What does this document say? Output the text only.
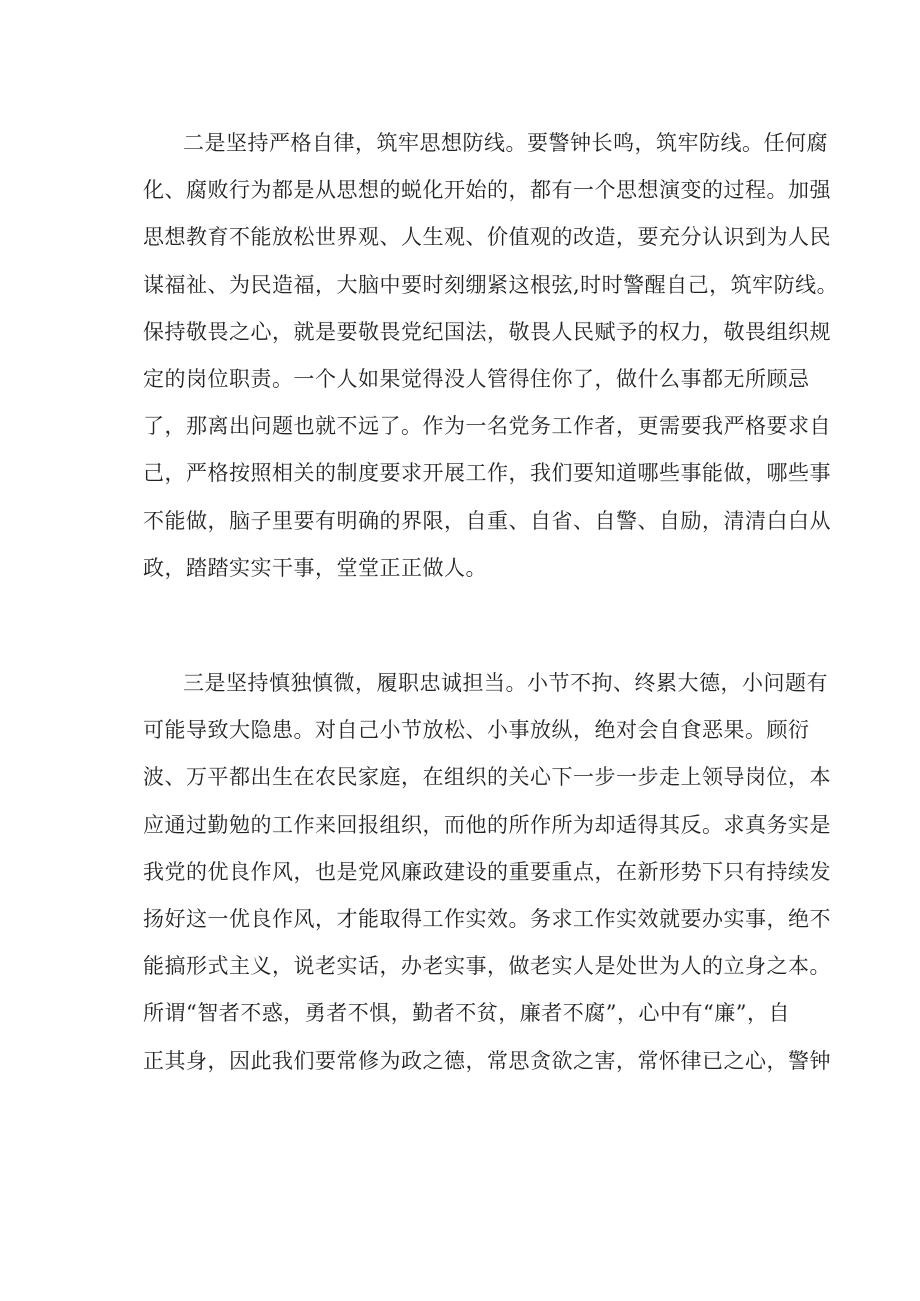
二是坚持严格自律，筑牢思想防线。要警钟长鸣，筑牢防线。任何腐
化、腐败行为都是从思想的蜕化开始的，都有一个思想演变的过程。加强
思想教育不能放松世界观、人生观、价值观的改造，要充分认识到为人民
谋福祉、为民造福，大脑中要时刻绷紧这根弦,时时警醒自己，筑牢防线。
保持敬畏之心，就是要敬畏党纪国法，敬畏人民赋予的权力，敬畏组织规
定的岗位职责。一个人如果觉得没人管得住你了，做什么事都无所顾忌
了，那离出问题也就不远了。作为一名党务工作者，更需要我严格要求自
己，严格按照相关的制度要求开展工作，我们要知道哪些事能做，哪些事
不能做，脑子里要有明确的界限，自重、自省、自警、自励，清清白白从
政，踏踏实实干事，堂堂正正做人。
三是坚持慎独慎微，履职忠诚担当。小节不拘、终累大德，小问题有
可能导致大隐患。对自己小节放松、小事放纵，绝对会自食恶果。顾衍
波、万平都出生在农民家庭，在组织的关心下一步一步走上领导岗位，本
应通过勤勉的工作来回报组织，而他的所作所为却适得其反。求真务实是
我党的优良作风，也是党风廉政建设的重要重点，在新形势下只有持续发
扬好这一优良作风，才能取得工作实效。务求工作实效就要办实事，绝不
能搞形式主义，说老实话，办老实事，做老实人是处世为人的立身之本。
所谓“智者不惑，勇者不惧，勤者不贫，廉者不腐”，心中有“廉”，自
正其身，因此我们要常修为政之德，常思贪欲之害，常怀律已之心，警钟
